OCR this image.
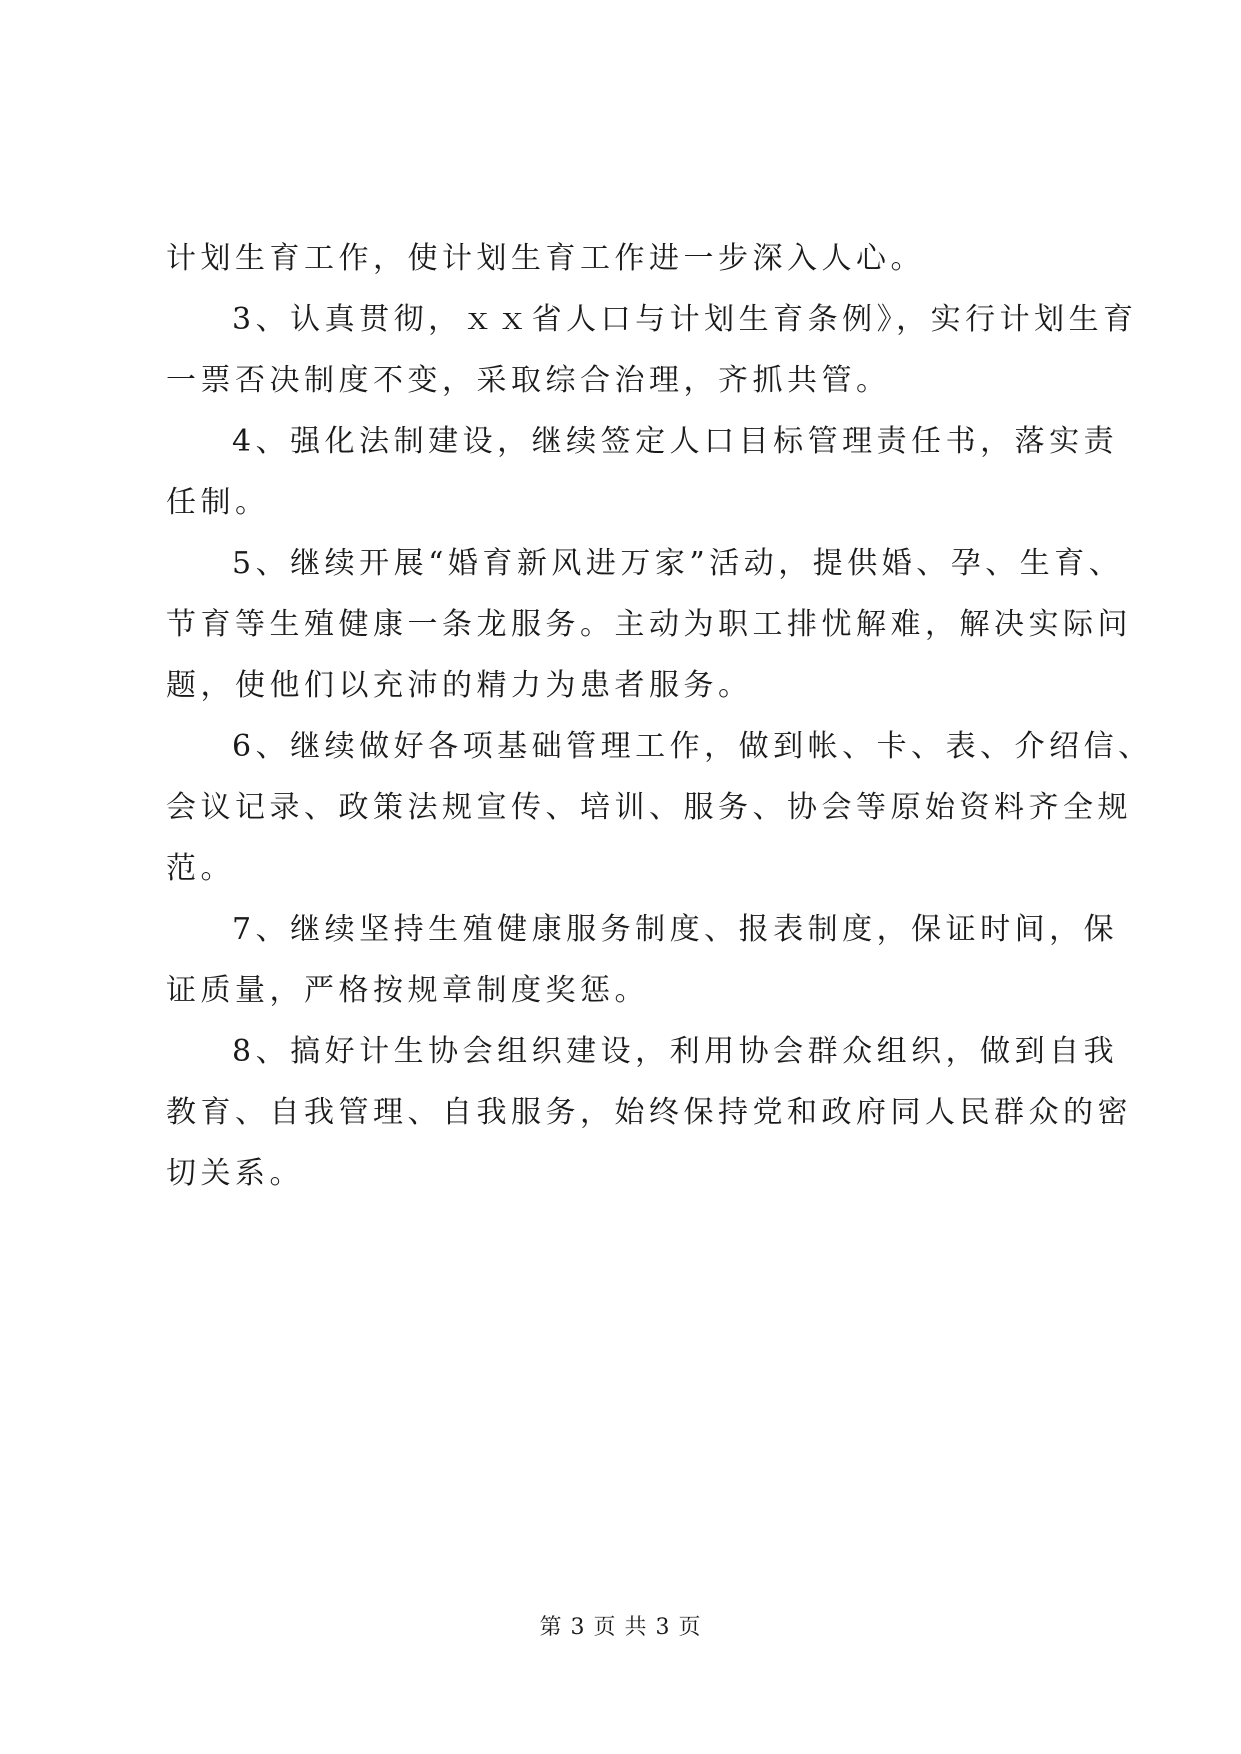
计划生育工作，使计划生育工作进一步深入人心。
3、认真贯彻，ｘｘ省人口与计划生育条例》，实行计划生育
一票否决制度不变，采取综合治理，齐抓共管。
4、强化法制建设，继续签定人口目标管理责任书，落实责
任制。
5、继续开展“婚育新风进万家”活动，提供婚、孕、生育、
节育等生殖健康一条龙服务。主动为职工排忧解难，解决实际问
题，使他们以充沛的精力为患者服务。
6、继续做好各项基础管理工作，做到帐、卡、表、介绍信、
会议记录、政策法规宣传、培训、服务、协会等原始资料齐全规
范。
7、继续坚持生殖健康服务制度、报表制度，保证时间，保
证质量，严格按规章制度奖惩。
8、搞好计生协会组织建设，利用协会群众组织，做到自我
教育、自我管理、自我服务，始终保持党和政府同人民群众的密
切关系。
第 3 页 共 3 页
